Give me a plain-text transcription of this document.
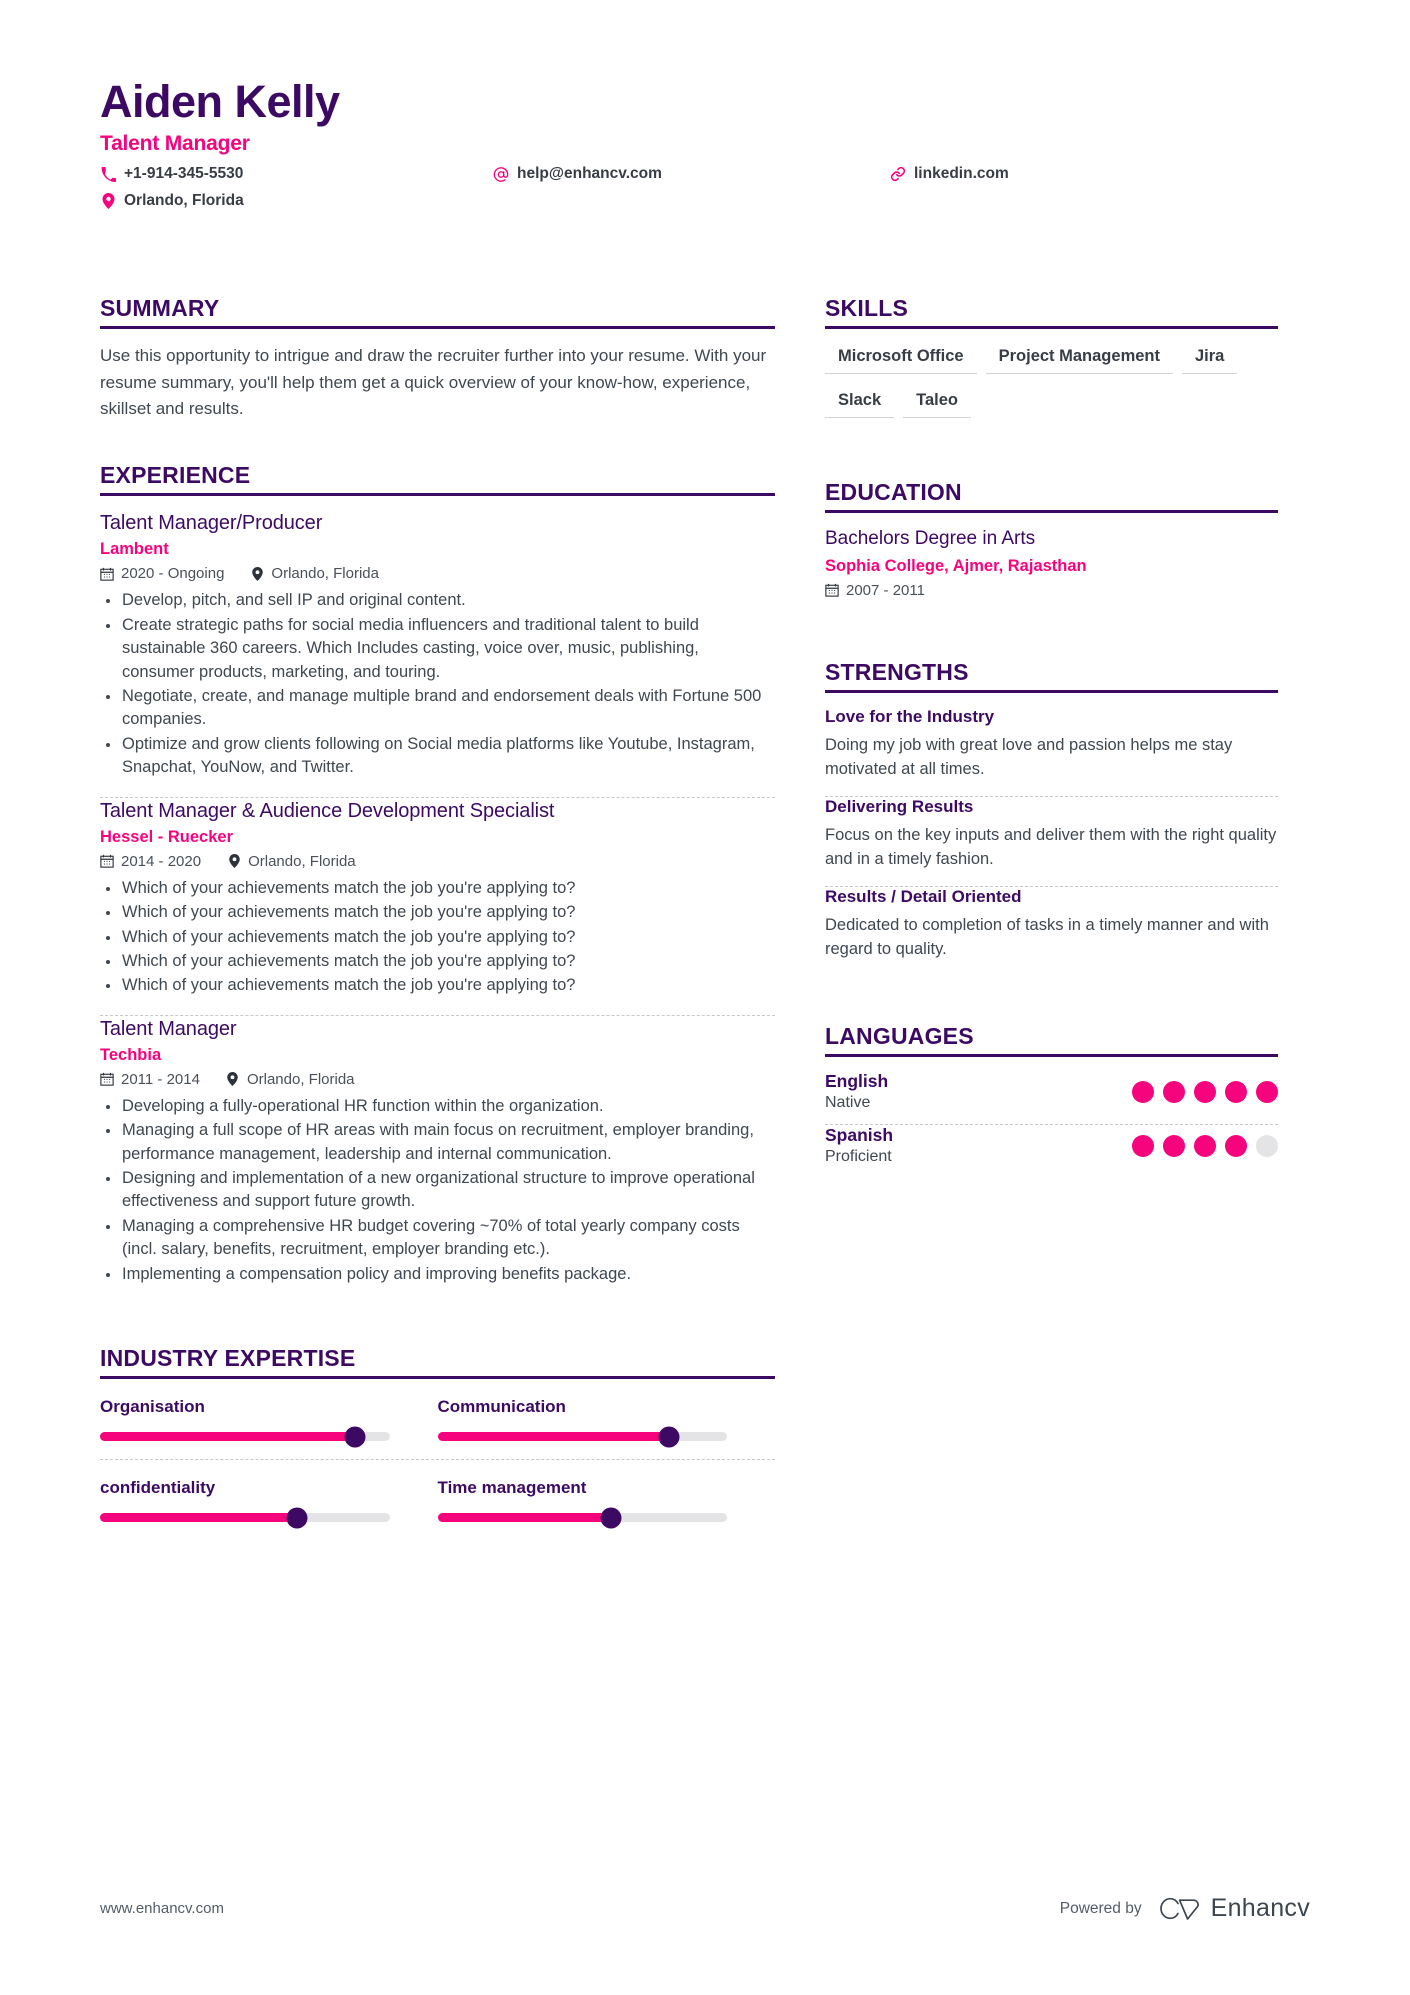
Aiden Kelly
Talent Manager
+1-914-345-5530
Orlando, Florida
help@enhancv.com	linkedin.com
SUMMARY
Use this opportunity to intrigue and draw the recruiter further into your resume. With your resume summary, you'll help them get a quick overview of your know-how, experience, skillset and results.
EXPERIENCE
Talent Manager/Producer
Lambent
2020 - Ongoing	Orlando, Florida
Develop, pitch, and sell IP and original content.
Create strategic paths for social media influencers and traditional talent to build sustainable 360 careers. Which Includes casting, voice over, music, publishing, consumer products, marketing, and touring.
Negotiate, create, and manage multiple brand and endorsement deals with Fortune 500 companies.
Optimize and grow clients following on Social media platforms like Youtube, Instagram, Snapchat, YouNow, and Twitter.
Talent Manager & Audience Development Specialist
Hessel - Ruecker
2014 - 2020	Orlando, Florida
Which of your achievements match the job you're applying to?
Which of your achievements match the job you're applying to?
Which of your achievements match the job you're applying to?
Which of your achievements match the job you're applying to?
Which of your achievements match the job you're applying to?
Talent Manager
Techbia
2011 - 2014	Orlando, Florida
Developing a fully-operational HR function within the organization.
Managing a full scope of HR areas with main focus on recruitment, employer branding, performance management, leadership and internal communication.
Designing and implementation of a new organizational structure to improve operational effectiveness and support future growth.
Managing a comprehensive HR budget covering ~70% of total yearly company costs (incl. salary, benefits, recruitment, employer branding etc.).
Implementing a compensation policy and improving benefits package.
INDUSTRY EXPERTISE
Organisation	Communication
confidentiality	Time management
SKILLS
Microsoft Office	Project Management	Jira
Slack	Taleo
EDUCATION
Bachelors Degree in Arts
Sophia College, Ajmer, Rajasthan
2007 - 2011
STRENGTHS
Love for the Industry
Doing my job with great love and passion helps me stay motivated at all times.
Delivering Results
Focus on the key inputs and deliver them with the right quality and in a timely fashion.
Results / Detail Oriented
Dedicated to completion of tasks in a timely manner and with regard to quality.
LANGUAGES
English
Native
Spanish
Proficient
www.enhancv.com	Powered by	Enhancv
